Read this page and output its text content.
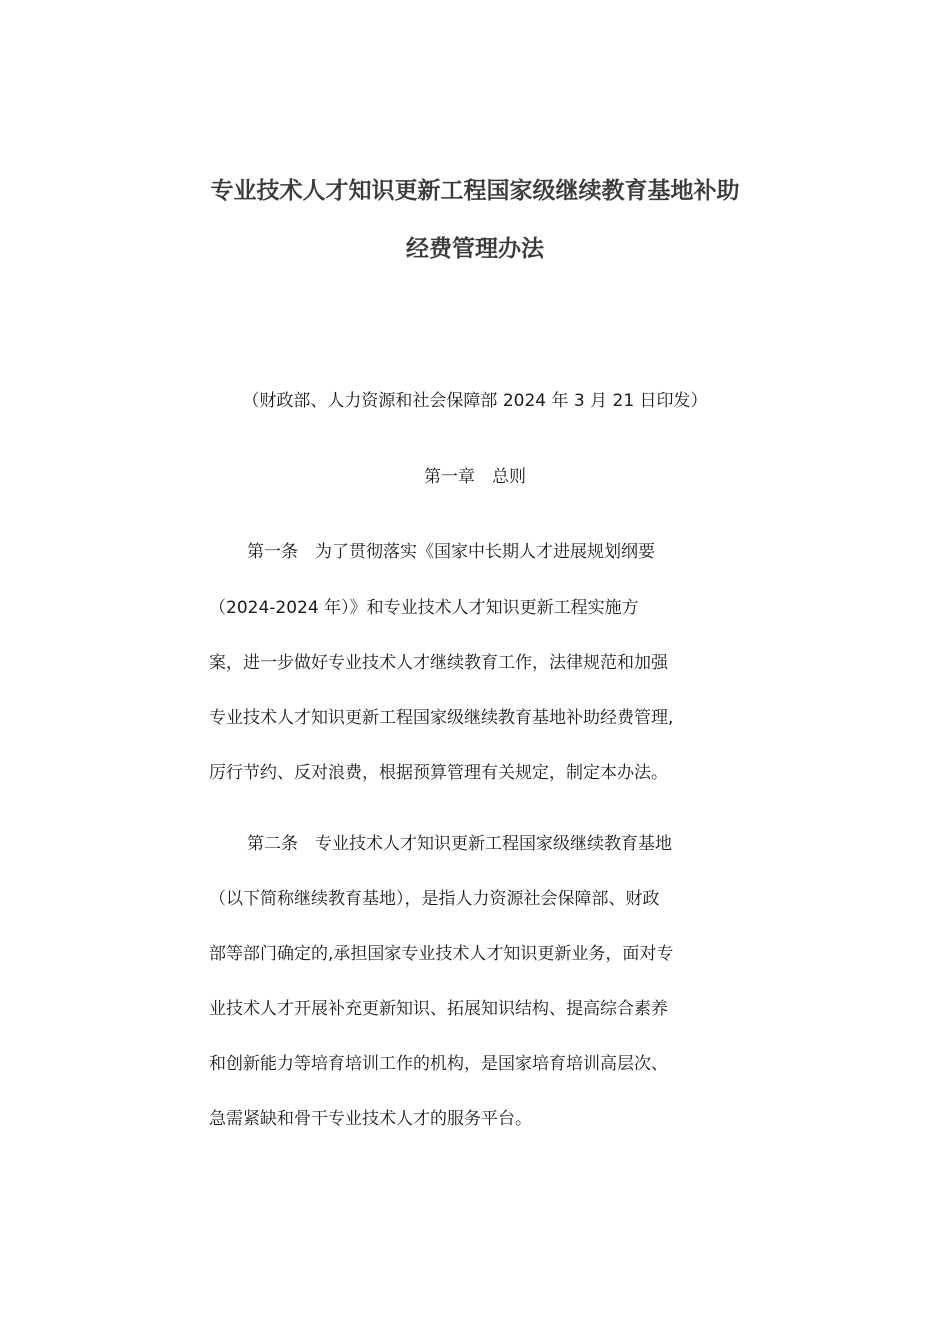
专业技术人才知识更新工程国家级继续教育基地补助
经费管理办法
（财政部、人力资源和社会保障部 2024 年 3 月 21 日印发）
第一章　总则
第一条　为了贯彻落实《国家中长期人才进展规划纲要
（2024-2024 年）》和专业技术人才知识更新工程实施方
案，进一步做好专业技术人才继续教育工作，法律规范和加强
专业技术人才知识更新工程国家级继续教育基地补助经费管理,
厉行节约、反对浪费，根据预算管理有关规定，制定本办法。
第二条　专业技术人才知识更新工程国家级继续教育基地
（以下简称继续教育基地），是指人力资源社会保障部、财政
部等部门确定的,承担国家专业技术人才知识更新业务，面对专
业技术人才开展补充更新知识、拓展知识结构、提高综合素养
和创新能力等培育培训工作的机构，是国家培育培训高层次、
急需紧缺和骨干专业技术人才的服务平台。
